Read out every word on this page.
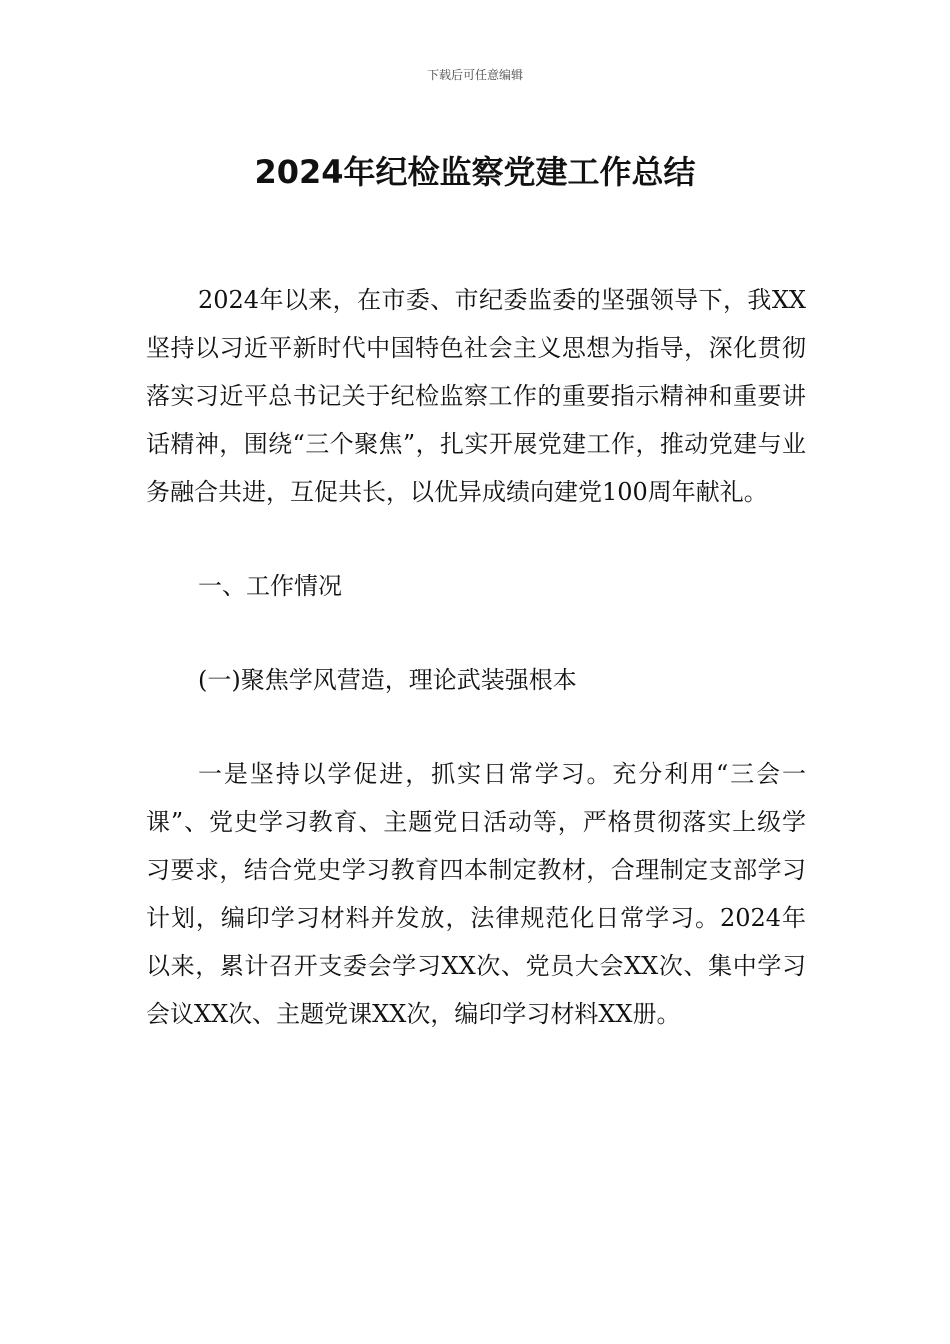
下载后可任意编辑
2024年纪检监察党建工作总结

2024年以来，在市委、市纪委监委的坚强领导下，我XX坚持以习近平新时代中国特色社会主义思想为指导，深化贯彻落实习近平总书记关于纪检监察工作的重要指示精神和重要讲话精神，围绕“三个聚焦”，扎实开展党建工作，推动党建与业务融合共进，互促共长，以优异成绩向建党100周年献礼。

一、工作情况

(一)聚焦学风营造，理论武装强根本

一是坚持以学促进，抓实日常学习。充分利用“三会一课”、党史学习教育、主题党日活动等，严格贯彻落实上级学习要求，结合党史学习教育四本制定教材，合理制定支部学习计划，编印学习材料并发放，法律规范化日常学习。2024年以来，累计召开支委会学习XX次、党员大会XX次、集中学习会议XX次、主题党课XX次，编印学习材料XX册。
